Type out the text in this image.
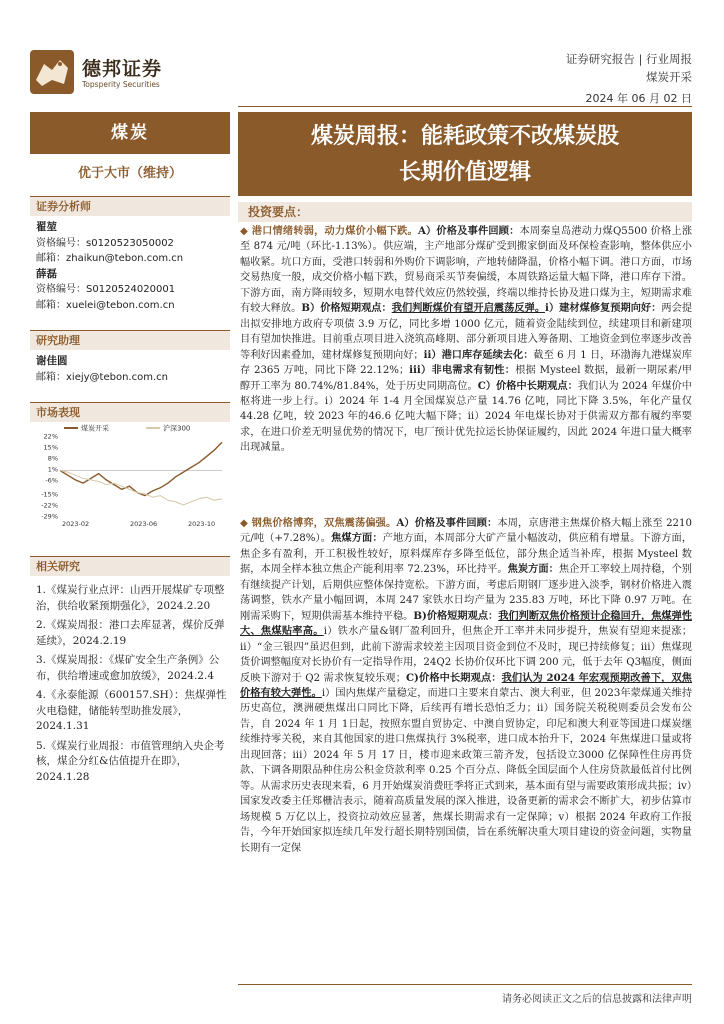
德邦证券
Topsperity Securities
证券研究报告 | 行业周报
煤炭开采
2024 年 06 月 02 日
煤炭
优于大市（维持）
证券分析师
翟堃
资格编号：s0120523050002
邮箱：zhaikun@tebon.com.cn
薛磊
资格编号：S0120524020001
邮箱：xuelei@tebon.com.cn
研究助理
谢佳圆
邮箱：xiejy@tebon.com.cn
市场表现
22%
15%
8%
1%
-6%
-15%
-22%
-29%
2023-02	2023-06	2023-10
煤炭开采	沪深300
相关研究

1.《煤炭行业点评：山西开展煤矿专项整治，供给收紧预期强化》，2024.2.20

2.《煤炭周报：港口去库显著，煤价反弹延续》，2024.2.19

3.《煤炭周报：《煤矿安全生产条例》公布，供给增速或愈加放缓》，2024.2.4

4.《永泰能源（600157.SH）：焦煤弹性火电稳健，储能转型助推发展》，2024.1.31

5.《煤炭行业周报：市值管理纳入央企考核，煤企分红&估值提升在即》，2024.1.28

煤炭周报：能耗政策不改煤炭股
长期价值逻辑
投资要点：
◆ 港口情绪转弱，动力煤价小幅下跌。A）价格及事件回顾：本周秦皇岛港动力煤Q5500 价格上涨至 874 元/吨（环比-1.13%）。供应端，主产地部分煤矿受到搬家倒面及环保检查影响，整体供应小幅收紧。坑口方面，受港口转弱和外购价下调影响，产地转储降温，价格小幅下调。港口方面，市场交易热度一般，成交价格小幅下跌，贸易商采买节奏偏缓，本周铁路运量大幅下降，港口库存下滑。下游方面，南方降雨较多，短期水电替代效应仍然较强，终端以维持长协及进口煤为主，短期需求难有较大释放。B）价格短期观点：我们判断煤价有望开启震荡反弹。i）建材煤修复预期向好：两会提出拟安排地方政府专项债 3.9 万亿，同比多增 1000 亿元，随着资金陆续到位，续建项目和新建项目有望加快推进。目前重点项目进入浇筑高峰期、部分新项目进入筹备期、工地资金到位率逐步改善等利好因素叠加，建材煤修复预期向好；ii）港口库存延续去化：截至 6 月 1 日，环渤海九港煤炭库存 2365 万吨，同比下降 22.12%；iii）非电需求有韧性：根据 Mysteel 数据，最新一期尿素/甲醇开工率为 80.74%/81.84%，处于历史同期高位。C）价格中长期观点：我们认为 2024 年煤价中枢将进一步上行。i）2024 年 1-4 月全国煤炭总产量 14.76 亿吨，同比下降 3.5%，年化产量仅 44.28 亿吨，较 2023 年的46.6 亿吨大幅下降；ii）2024 年电煤长协对于供需双方都有履约率要求，在进口价差无明显优势的情况下，电厂预计优先拉运长协保证履约，因此 2024 年进口量大概率出现减量。
◆ 钢焦价格博弈，双焦震荡偏强。A）价格及事件回顾：本周，京唐港主焦煤价格大幅上涨至 2210 元/吨（+7.28%）。焦煤方面：产地方面，本周部分大矿产量小幅波动，供应稍有增量。下游方面，焦企多有盈利，开工积极性较好，原料煤库存多降至低位，部分焦企适当补库，根据 Mysteel 数据，本周全样本独立焦企产能利用率 72.23%，环比持平。焦炭方面：焦企开工率较上周持稳，个别有继续提产计划，后期供应整体保持宽松。下游方面，考虑后期钢厂逐步进入淡季，钢材价格进入震荡调整，铁水产量小幅回调，本周 247 家铁水日均产量为 235.83 万吨，环比下降 0.97 万吨。在刚需采购下，短期供需基本维持平稳。B)价格短期观点：我们判断双焦价格预计企稳回升，焦煤弹性大、焦煤贴率高。i）铁水产量&钢厂盈利回升，但焦企开工率并未同步提升，焦炭有望迎来提涨；ii）“金三银四”虽迟但到，此前下游需求较差主因项目资金到位不及时，现已持续修复；iii）焦煤现货价调整幅度对长协价有一定指导作用，24Q2 长协价仅环比下调 200 元，低于去年 Q3幅度，侧面反映下游对于 Q2 需求恢复较乐观；C)价格中长期观点：我们认为 2024 年宏观预期改善下，双焦价格有较大弹性。i）国内焦煤产量稳定，而进口主要来自蒙古、澳大利亚，但 2023年蒙煤通关维持历史高位，澳洲硬焦煤出口同比下降，后续再有增长恐怕乏力；ii）国务院关税税则委员会发布公告，自 2024 年 1 月 1日起，按照东盟自贸协定、中澳自贸协定，印尼和澳大利亚等国进口煤炭继续维持零关税，来自其他国家的进口焦煤执行 3%税率，进口成本抬升下，2024 年焦煤进口量或将出现回落；iii）2024 年 5 月 17 日，楼市迎来政策三箭齐发，包括设立3000 亿保障性住房再贷款、下调各期限品种住房公积金贷款利率 0.25 个百分点、降低全国层面个人住房贷款最低首付比例等。从需求历史表现来看，6 月开始煤炭消费旺季将正式到来，基本面有望与需要政策形成共振；iv）国家发改委主任郑栅洁表示，随着高质量发展的深入推进，设备更新的需求会不断扩大，初步估算市场规模 5 万亿以上，投资拉动效应显著，焦煤长期需求有一定保障；v）根据 2024 年政府工作报告，今年开始国家拟连续几年发行超长期特别国债，旨在系统解决重大项目建设的资金问题，实物量长期有一定保
请务必阅读正文之后的信息披露和法律声明
